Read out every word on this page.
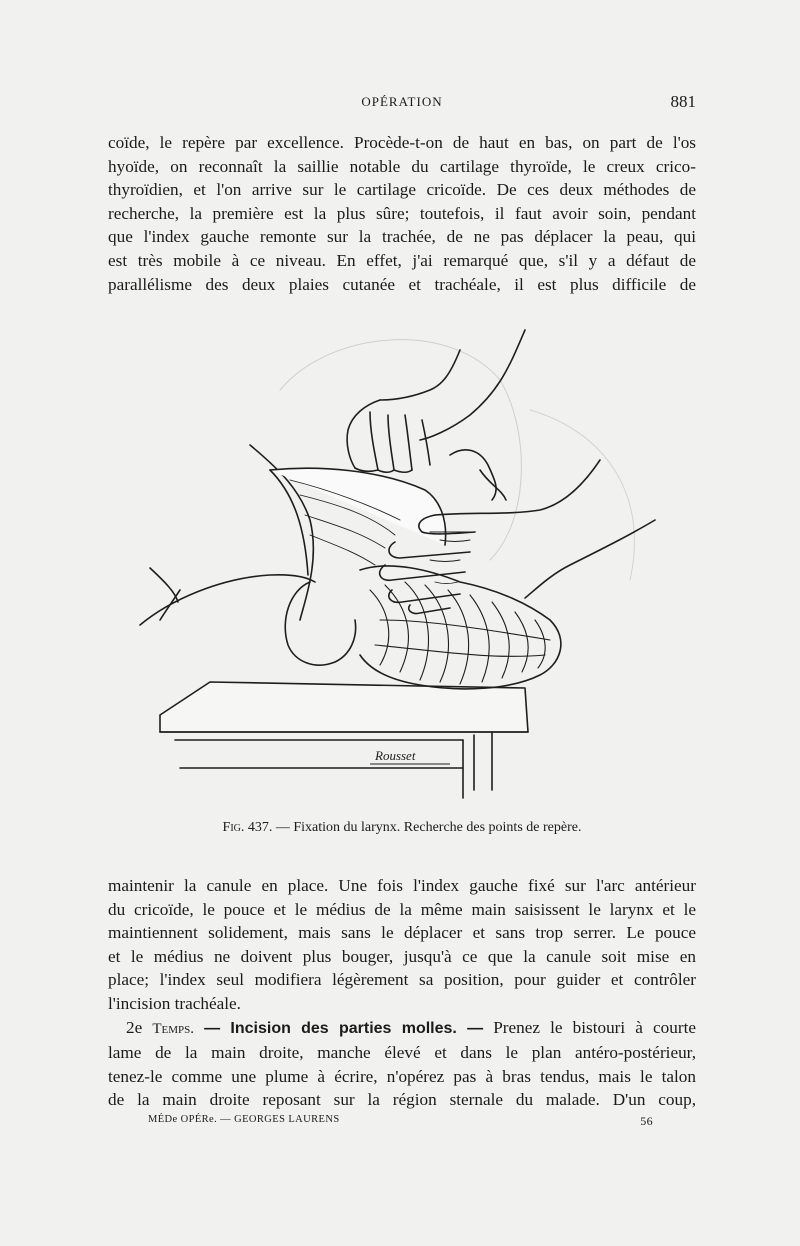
OPÉRATION	881
coïde, le repère par excellence. Procède-t-on de haut en bas, on part de l'os
hyoïde, on reconnaît la saillie notable du cartilage thyroïde, le creux crico-
thyroïdien, et l'on arrive sur le cartilage cricoïde. De ces deux méthodes de
recherche, la première est la plus sûre; toutefois, il faut avoir soin, pendant
que l'index gauche remonte sur la trachée, de ne pas déplacer la peau, qui
est très mobile à ce niveau. En effet, j'ai remarqué que, s'il y a défaut de
parallélisme des deux plaies cutanée et trachéale, il est plus difficile de
Rousset
Fig. 437. — Fixation du larynx. Recherche des points de repère.
maintenir la canule en place. Une fois l'index gauche fixé sur l'arc antérieur
du cricoïde, le pouce et le médius de la même main saisissent le larynx et le
maintiennent solidement, mais sans le déplacer et sans trop serrer. Le pouce
et le médius ne doivent plus bouger, jusqu'à ce que la canule soit mise en
place; l'index seul modifiera légèrement sa position, pour guider et contrôler
l'incision trachéale.
2e Temps. — Incision des parties molles. — Prenez le bistouri à courte
lame de la main droite, manche élevé et dans le plan antéro-postérieur,
tenez-le comme une plume à écrire, n'opérez pas à bras tendus, mais le talon
de la main droite reposant sur la région sternale du malade. D'un coup,
MÉDe OPÉRe. — GEORGES LAURENS	56
